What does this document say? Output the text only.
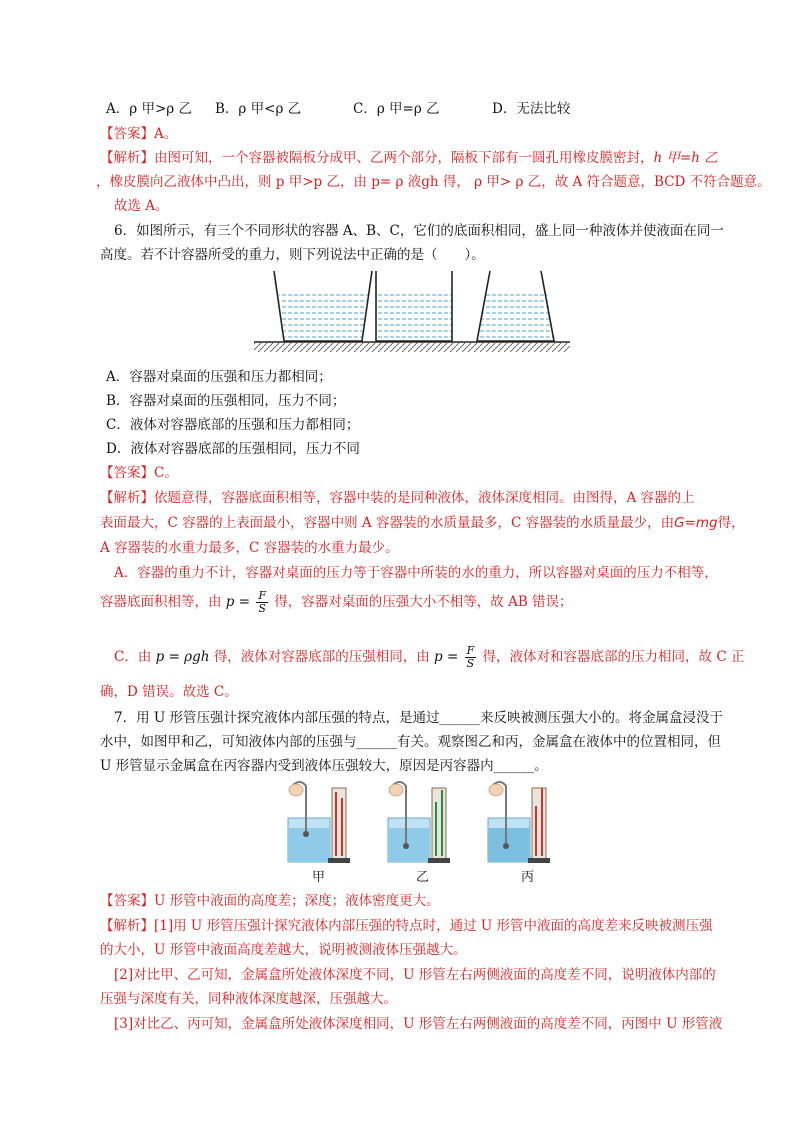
A．ρ 甲>ρ 乙 B．ρ 甲<ρ 乙	C．ρ 甲=ρ 乙	D．无法比较
【答案】A。
【解析】由图可知，一个容器被隔板分成甲、乙两个部分，隔板下部有一圆孔用橡皮膜密封，h 甲=h 乙
，橡皮膜向乙液体中凸出，则 p 甲>p 乙，由 p= ρ 液gh 得， ρ 甲> ρ 乙，故 A 符合题意，BCD 不符合题意。
故选 A。
6．如图所示，有三个不同形状的容器 A、B、C，它们的底面积相同，盛上同一种液体并使液面在同一
高度。若不计容器所受的重力，则下列说法中正确的是（　　）。
A．容器对桌面的压强和压力都相同；
B．容器对桌面的压强相同，压力不同；
C．液体对容器底部的压强和压力都相同；
D．液体对容器底部的压强相同，压力不同
【答案】C。
【解析】依题意得，容器底面积相等，容器中装的是同种液体，液体深度相同。由图得，A 容器的上
表面最大，C 容器的上表面最小，容器中则 A 容器装的水质量最多，C 容器装的水质量最少，由G=mg得，
A 容器装的水重力最多，C 容器装的水重力最少。
A．容器的重力不计，容器对桌面的压力等于容器中所装的水的重力，所以容器对桌面的压力不相等，
容器底面积相等，由 $p = \frac{F}{S}$ 得，容器对桌面的压强大小不相等，故 AB 错误；
C．由 p = ρgh 得，液体对容器底部的压强相同，由 $p = \frac{F}{S}$ 得，液体对和容器底部的压力相同，故 C 正
确，D 错误。故选 C。
7．用 U 形管压强计探究液体内部压强的特点，是通过______来反映被测压强大小的。将金属盒浸没于
水中，如图甲和乙，可知液体内部的压强与______有关。观察图乙和丙，金属盒在液体中的位置相同，但
U 形管显示金属盒在丙容器内受到液体压强较大，原因是丙容器内______。
甲	乙	丙
【答案】U 形管中液面的高度差；深度；液体密度更大。
【解析】[1]用 U 形管压强计探究液体内部压强的特点时，通过 U 形管中液面的高度差来反映被测压强
的大小，U 形管中液面高度差越大，说明被测液体压强越大。
[2]对比甲、乙可知，金属盒所处液体深度不同，U 形管左右两侧液面的高度差不同，说明液体内部的
压强与深度有关，同种液体深度越深，压强越大。
[3]对比乙、丙可知，金属盒所处液体深度相同，U 形管左右两侧液面的高度差不同，丙图中 U 形管液
